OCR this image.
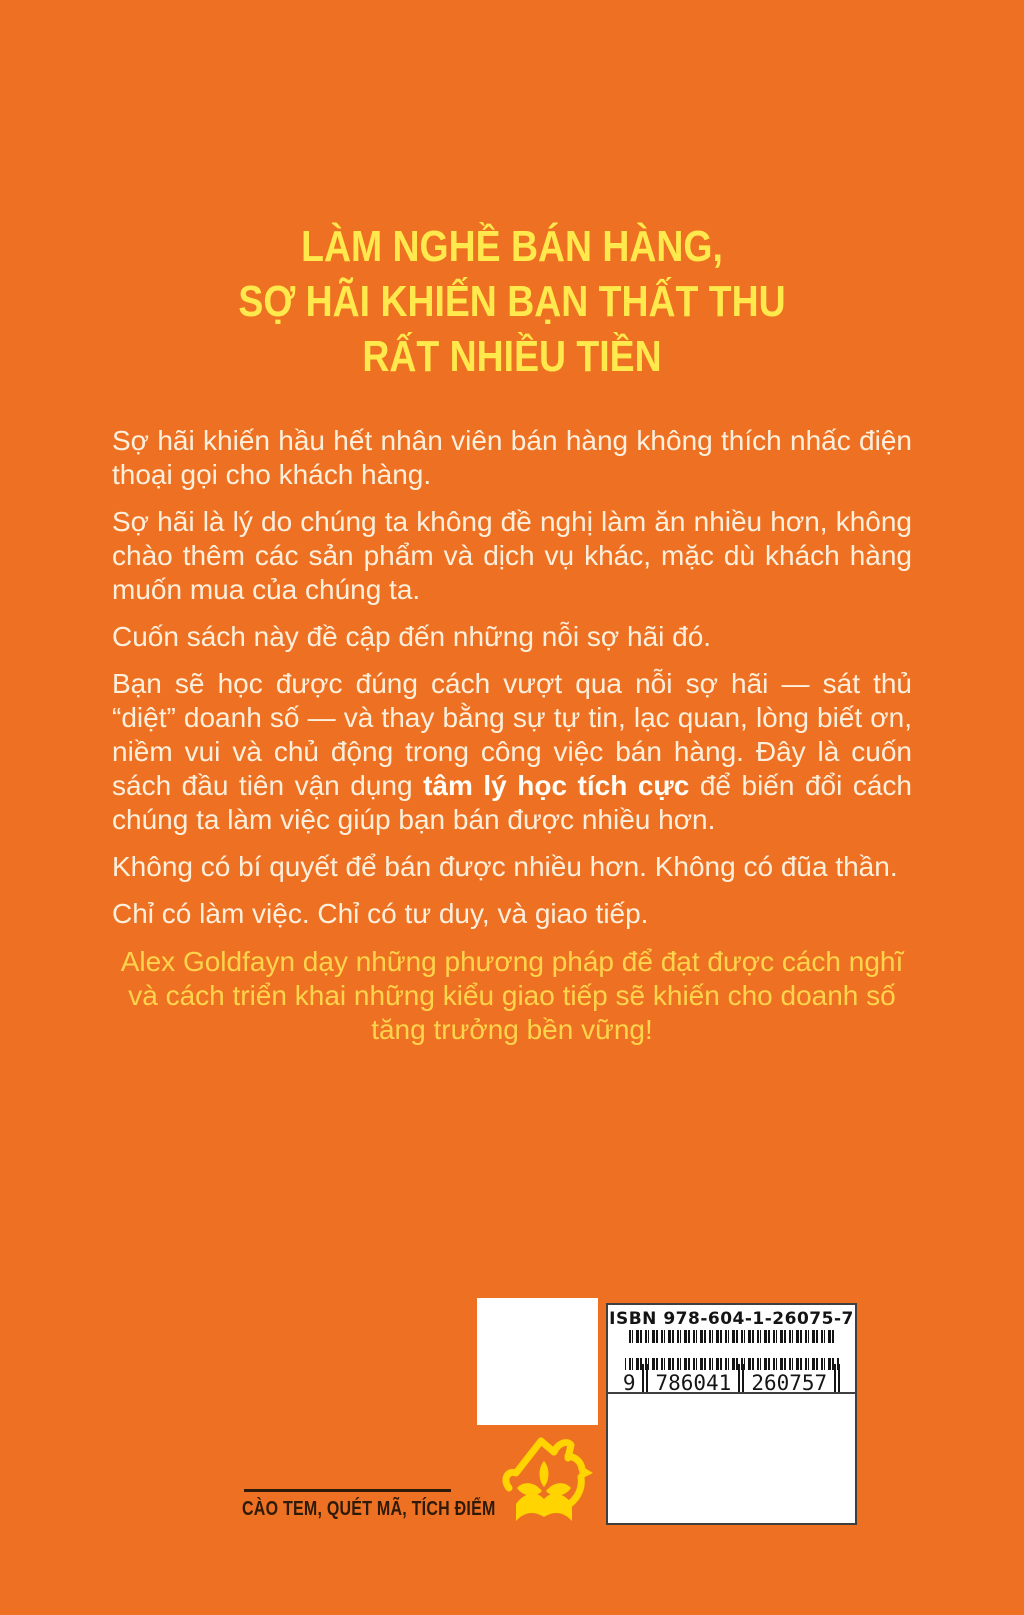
LÀM NGHỀ BÁN HÀNG,
SỢ HÃI KHIẾN BẠN THẤT THU
RẤT NHIỀU TIỀN

Sợ hãi khiến hầu hết nhân viên bán hàng không thích nhấc điện thoại gọi cho khách hàng.

Sợ hãi là lý do chúng ta không đề nghị làm ăn nhiều hơn, không chào thêm các sản phẩm và dịch vụ khác, mặc dù khách hàng muốn mua của chúng ta.

Cuốn sách này đề cập đến những nỗi sợ hãi đó.

Bạn sẽ học được đúng cách vượt qua nỗi sợ hãi — sát thủ “diệt” doanh số — và thay bằng sự tự tin, lạc quan, lòng biết ơn, niềm vui và chủ động trong công việc bán hàng. Đây là cuốn sách đầu tiên vận dụng tâm lý học tích cực để biến đổi cách chúng ta làm việc giúp bạn bán được nhiều hơn.

Không có bí quyết để bán được nhiều hơn. Không có đũa thần.

Chỉ có làm việc. Chỉ có tư duy, và giao tiếp.

Alex Goldfayn dạy những phương pháp để đạt được cách nghĩ và cách triển khai những kiểu giao tiếp sẽ khiến cho doanh số tăng trưởng bền vững!

ISBN 978-604-1-26075-7
9 786041 260757
CÀO TEM, QUÉT MÃ, TÍCH ĐIỂM
